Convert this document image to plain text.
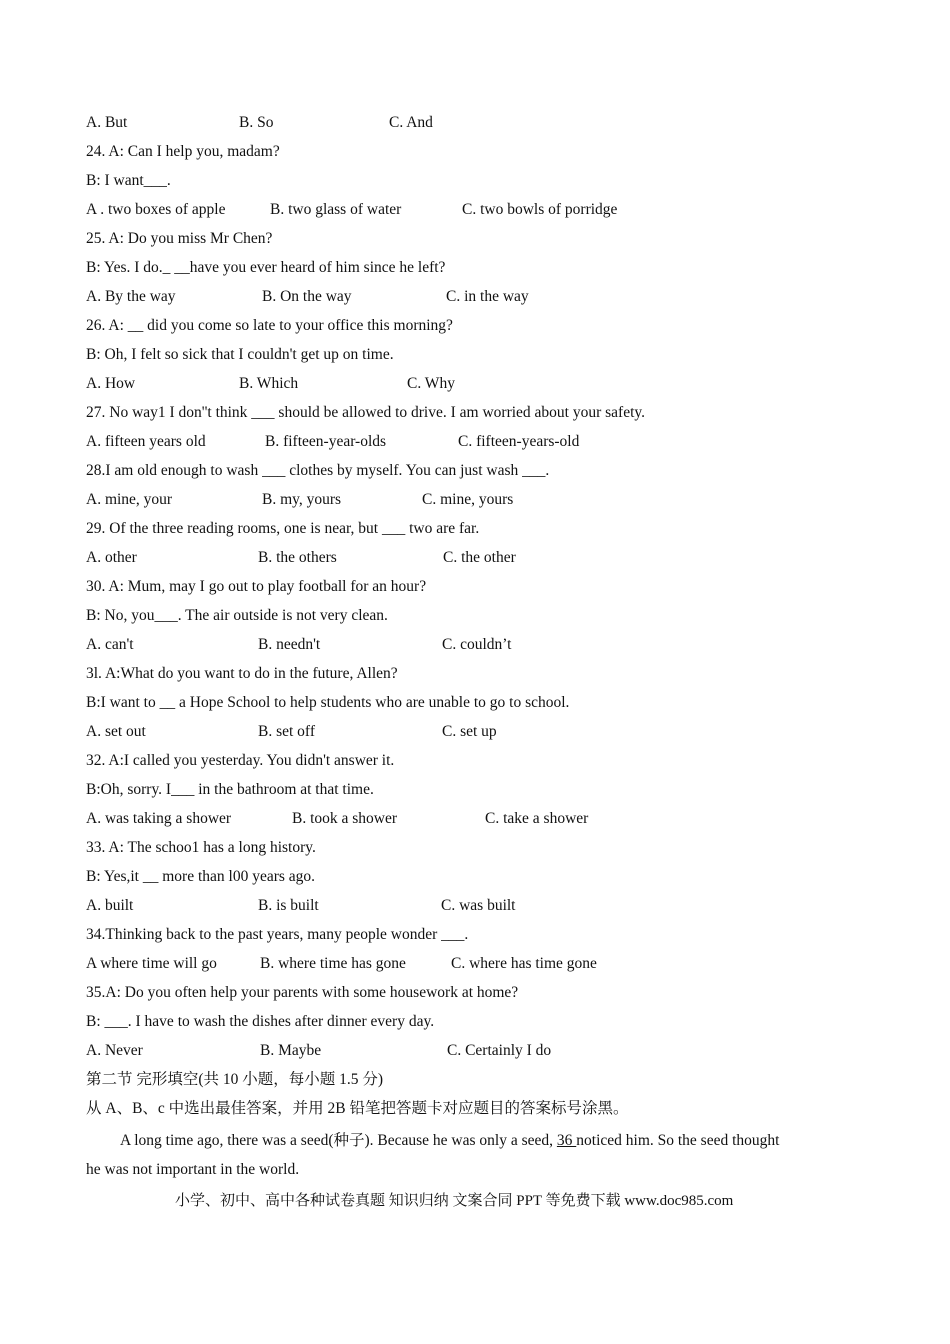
A. But	B. So	C. And
24. A: Can I help you, madam?
B: I want___.
A . two boxes of apple	B. two glass of water	C. two bowls of porridge
25. A: Do you miss Mr Chen?
B: Yes. I do._ __have you ever heard of him since he left?
A. By the way	B. On the way	C. in the way
26. A: __ did you come so late to your office this morning?
B: Oh, I felt so sick that I couldn't get up on time.
A. How	B. Which	C. Why
27. No way1 I don''t think ___ should be allowed to drive. I am worried about your safety.
A. fifteen years old	B. fifteen-year-olds	C. fifteen-years-old
28.I am old enough to wash ___ clothes by myself. You can just wash ___.
A. mine, your	B. my, yours	C. mine, yours
29. Of the three reading rooms, one is near, but ___ two are far.
A. other	B. the others	C. the other
30. A: Mum, may I go out to play football for an hour?
B: No, you___. The air outside is not very clean.
A. can't	B. needn't	C. couldn’t
3l. A:What do you want to do in the future, Allen?
B:I want to __ a Hope School to help students who are unable to go to school.
A. set out	B. set off	C. set up
32. A:I called you yesterday. You didn't answer it.
B:Oh, sorry. I___ in the bathroom at that time.
A. was taking a shower	B. took a shower	C. take a shower
33. A: The schoo1 has a long history.
B: Yes,it __ more than l00 years ago.
A. built	B. is built	C. was built
34.Thinking back to the past years, many people wonder ___.
A where time will go	B. where time has gone	C. where has time gone
35.A: Do you often help your parents with some housework at home?
B: ___. I have to wash the dishes after dinner every day.
A. Never	B. Maybe	C. Certainly I do
第二节 完形填空(共 10 小题，每小题 1.5 分)
从 A、B、c 中选出最佳答案，并用 2B 铅笔把答题卡对应题目的答案标号涂黑。
A long time ago, there was a seed(种子). Because he was only a seed, 36 noticed him. So the seed thought
he was not important in the world.
小学、初中、高中各种试卷真题 知识归纳 文案合同 PPT 等免费下载 www.doc985.com
